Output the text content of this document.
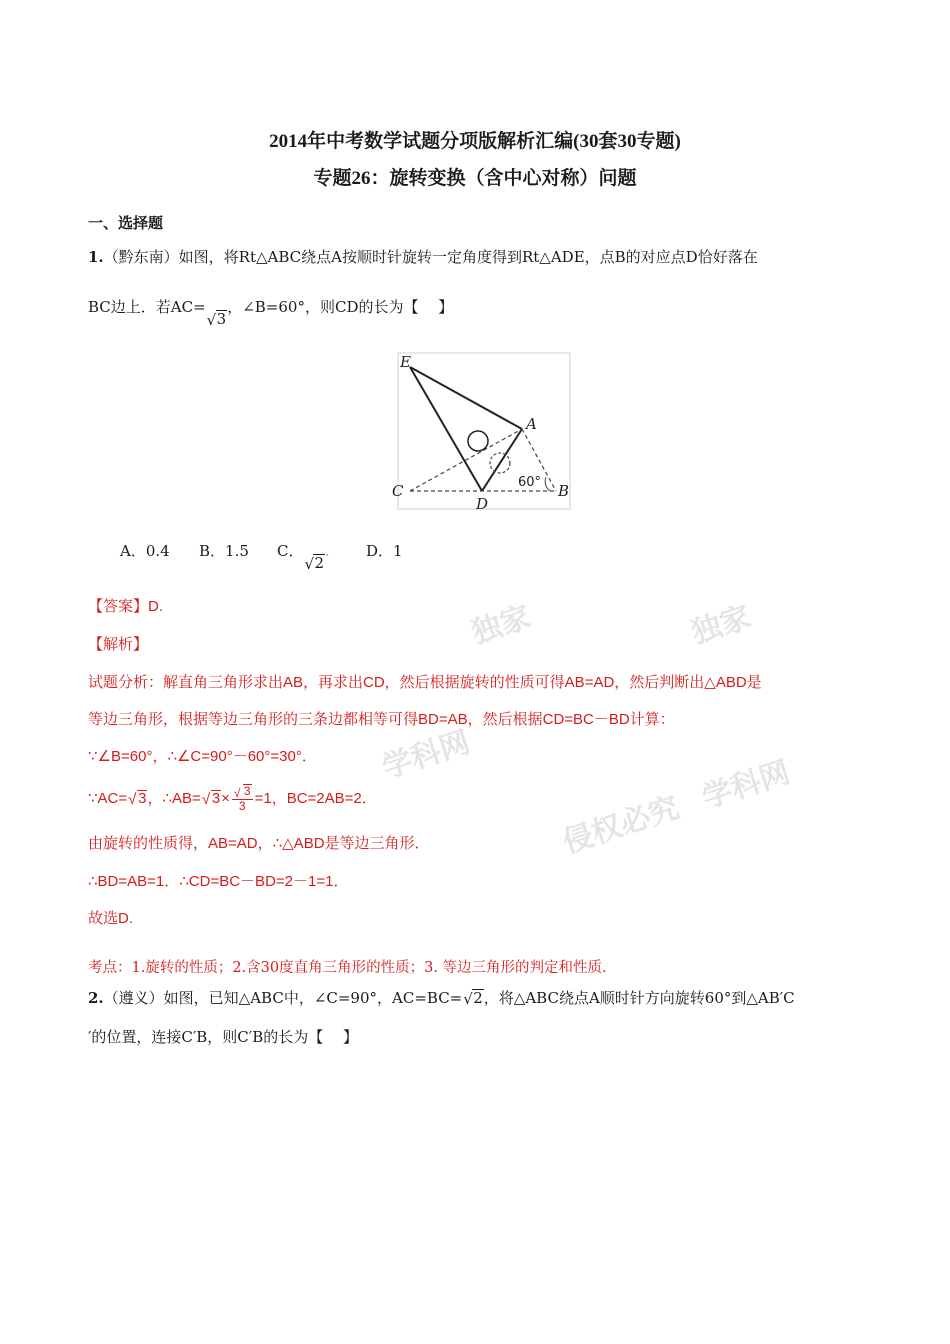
独家	独家
学科网	学科网
侵权必究
2014年中考数学试题分项版解析汇编(30套30专题)
专题26：旋转变换（含中心对称）问题
一、选择题
1.（黔东南）如图，将Rt△ABC绕点A按顺时针旋转一定角度得到Rt△ADE，点B的对应点D恰好落在
BC边上．若AC=
√ 3，∠B=60°，则CD的长为【　 】
E
A
C
D
B
60°
A．0.4 B．1.5 C．
√ 2. D．1
【答案】D.
【解析】
试题分析：解直角三角形求出AB，再求出CD，然后根据旋转的性质可得AB=AD，然后判断出△ABD是
等边三角形，根据等边三角形的三条边都相等可得BD=AB，然后根据CD=BC－BD计算：
∵∠B=60°，∴∠C=90°－60°=30°．
∵AC= √ 3，∴AB= √ $3\times \frac{√ 3}{3} =1$，BC=2AB=2．
由旋转的性质得，AB=AD，∴△ABD是等边三角形．
∴BD=AB=1．∴CD=BC－BD=2－1=1．
故选D.
考点：1.旋转的性质；2.含30度直角三角形的性质；3. 等边三角形的判定和性质．
2.（遵义）如图，已知△ABC中，∠C=90°，AC=BC= √ 2，将△ABC绕点A顺时针方向旋转60°到△AB′C
′的位置，连接C′B，则C′B的长为【　 】
